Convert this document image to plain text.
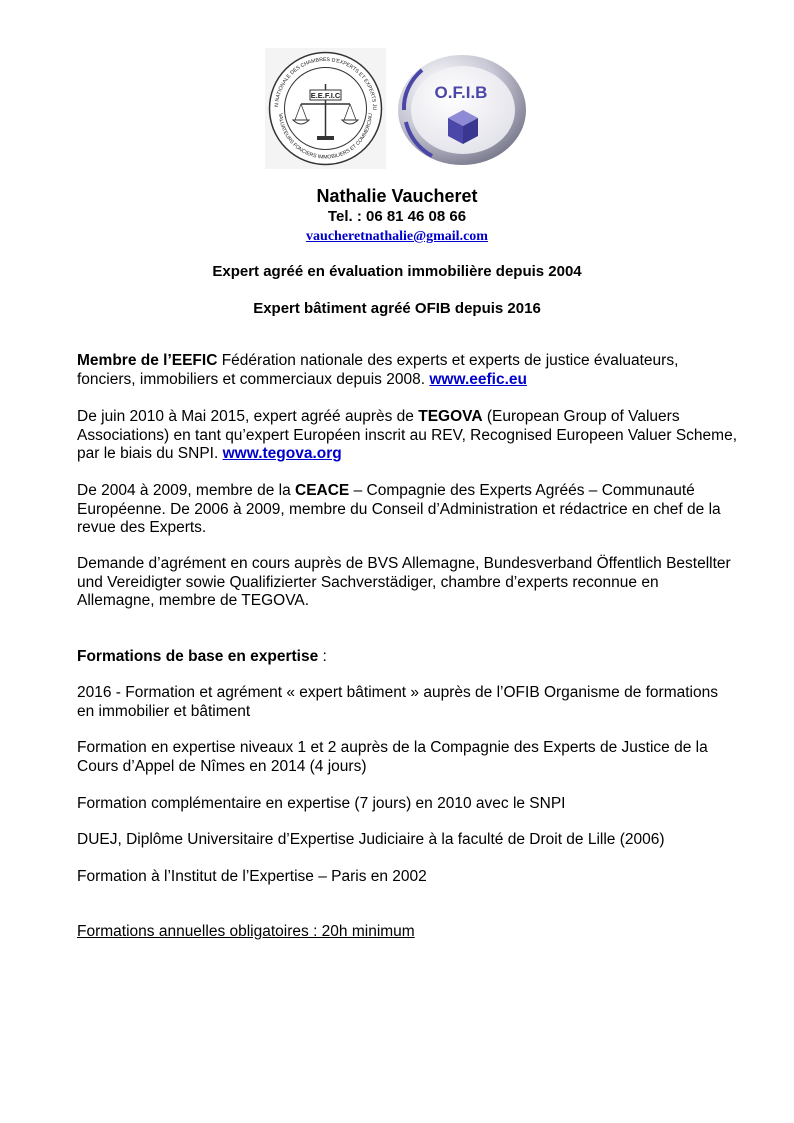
N NATIONALE DES CHAMBRES D'EXPERTS ET EXPERTS JU
VALUATEURS FONCIERS IMMOBILIERS ET COMMERCIAU
E.E.F.I.C	O.F.I.B
Nathalie Vaucheret
Tel. : 06 81 46 08 66
vaucheretnathalie@gmail.com
Expert agréé en évaluation immobilière depuis 2004
Expert bâtiment agréé OFIB depuis 2016
Membre de l’EEFIC Fédération nationale des experts et experts de justice évaluateurs, fonciers, immobiliers et commerciaux depuis 2008. www.eefic.eu
De juin 2010 à Mai 2015, expert agréé auprès de TEGOVA (European Group of Valuers Associations) en tant qu’expert Européen inscrit au REV, Recognised Europeen Valuer Scheme, par le biais du SNPI. www.tegova.org
De 2004 à 2009, membre de la CEACE – Compagnie des Experts Agréés – Communauté Européenne. De 2006 à 2009, membre du Conseil d’Administration et rédactrice en chef de la revue des Experts.
Demande d’agrément en cours auprès de BVS Allemagne, Bundesverband Öffentlich Bestellter und Vereidigter sowie Qualifizierter Sachverstädiger, chambre d’experts reconnue en Allemagne, membre de TEGOVA.
Formations de base en expertise :
2016 - Formation et agrément « expert bâtiment » auprès de l’OFIB Organisme de formations en immobilier et bâtiment
Formation en expertise niveaux 1 et 2 auprès de la Compagnie des Experts de Justice de la Cours d’Appel de Nîmes en 2014 (4 jours)
Formation complémentaire en expertise (7 jours) en 2010 avec le SNPI
DUEJ, Diplôme Universitaire d’Expertise Judiciaire à la faculté de Droit de Lille (2006)
Formation à l’Institut de l’Expertise – Paris en 2002
Formations annuelles obligatoires : 20h minimum
